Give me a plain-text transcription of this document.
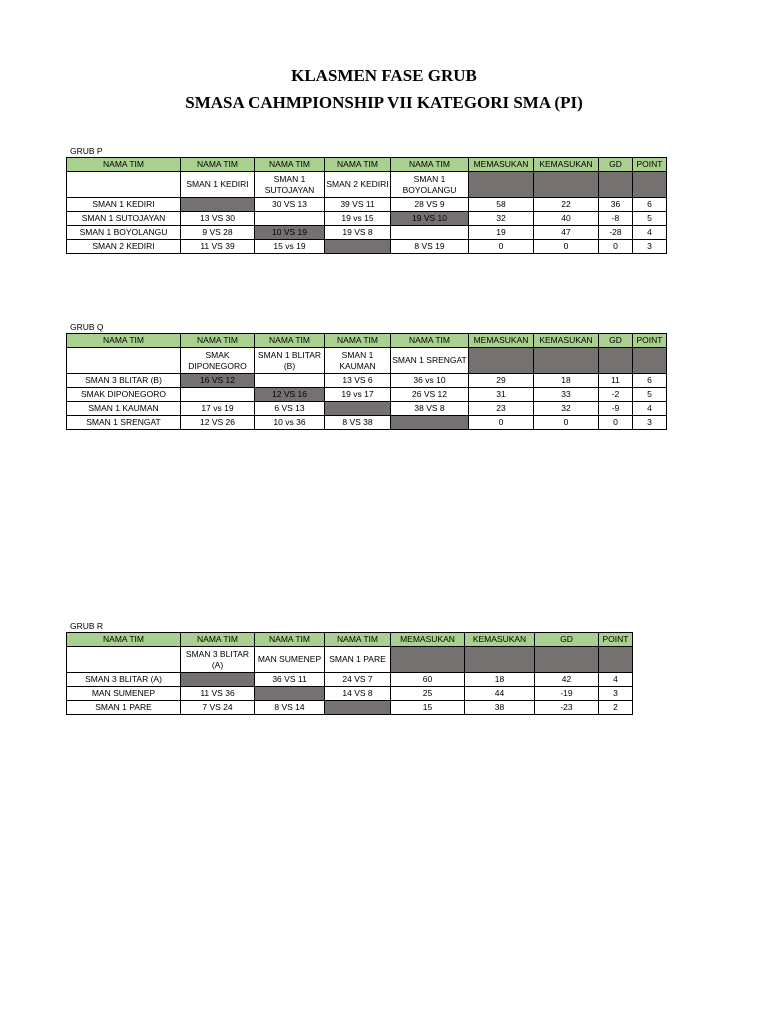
KLASMEN FASE GRUB
SMASA CAHMPIONSHIP VII KATEGORI SMA (PI)
GRUB P
NAMA TIM	NAMA TIM	NAMA TIM	NAMA TIM	NAMA TIM	MEMASUKAN	KEMASUKAN	GD	POINT
	SMAN 1 KEDIRI	SMAN 1 SUTOJAYAN	SMAN 2 KEDIRI	SMAN 1 BOYOLANGU				
SMAN 1 KEDIRI		30 VS 13	39 VS 11	28 VS 9	58	22	36	6
SMAN 1 SUTOJAYAN	13 VS 30		19 vs 15	19 VS 10	32	40	-8	5
SMAN 1 BOYOLANGU	9 VS 28	10 VS 19	19 VS 8		19	47	-28	4
SMAN 2 KEDIRI	11 VS 39	15 vs 19		8 VS 19	0	0	0	3
GRUB Q
NAMA TIM	NAMA TIM	NAMA TIM	NAMA TIM	NAMA TIM	MEMASUKAN	KEMASUKAN	GD	POINT
	SMAK DIPONEGORO	SMAN 1 BLITAR (B)	SMAN 1 KAUMAN	SMAN 1 SRENGAT				
SMAN 3 BLITAR (B)	16 VS 12		13 VS 6	36 vs 10	29	18	11	6
SMAK DIPONEGORO		12 VS 16	19 vs 17	26 VS 12	31	33	-2	5
SMAN 1 KAUMAN	17 vs 19	6 VS 13		38 VS 8	23	32	-9	4
SMAN 1 SRENGAT	12 VS 26	10 vs 36	8 VS 38		0	0	0	3
GRUB R
NAMA TIM	NAMA TIM	NAMA TIM	NAMA TIM	MEMASUKAN	KEMASUKAN	GD	POINT
	SMAN 3 BLITAR (A)	MAN SUMENEP	SMAN 1 PARE				
SMAN 3 BLITAR (A)		36 VS 11	24 VS 7	60	18	42	4
MAN SUMENEP	11 VS 36		14 VS 8	25	44	-19	3
SMAN 1 PARE	7 VS 24	8 VS 14		15	38	-23	2
